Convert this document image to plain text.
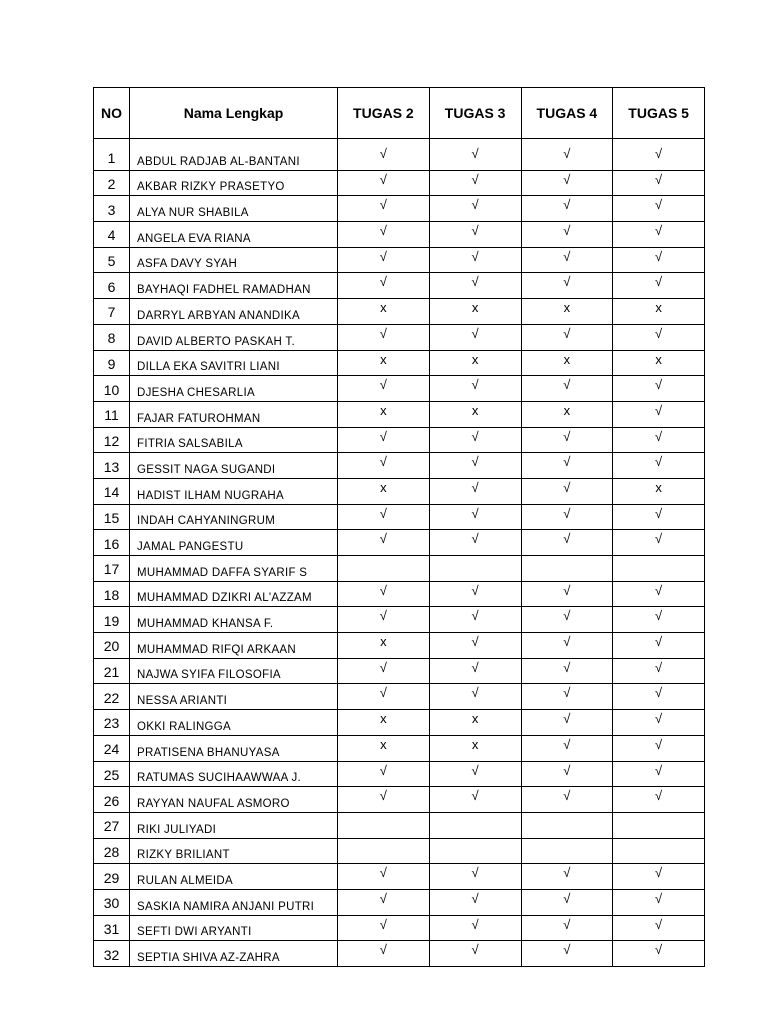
NO	Nama Lengkap	TUGAS 2	TUGAS 3	TUGAS 4	TUGAS 5

1	ABDUL RADJAB AL-BANTANI	√	√	√	√
2	AKBAR RIZKY PRASETYO	√	√	√	√
3	ALYA NUR SHABILA	√	√	√	√
4	ANGELA EVA RIANA	√	√	√	√
5	ASFA DAVY SYAH	√	√	√	√
6	BAYHAQI FADHEL RAMADHAN	√	√	√	√
7	DARRYL ARBYAN ANANDIKA	x	x	x	x
8	DAVID ALBERTO PASKAH T.	√	√	√	√
9	DILLA EKA SAVITRI LIANI	x	x	x	x
10	DJESHA CHESARLIA	√	√	√	√
11	FAJAR FATUROHMAN	x	x	x	√
12	FITRIA SALSABILA	√	√	√	√
13	GESSIT NAGA SUGANDI	√	√	√	√
14	HADIST ILHAM NUGRAHA	x	√	√	x
15	INDAH CAHYANINGRUM	√	√	√	√
16	JAMAL PANGESTU	√	√	√	√
17	MUHAMMAD DAFFA SYARIF S				
18	MUHAMMAD DZIKRI AL'AZZAM	√	√	√	√
19	MUHAMMAD KHANSA F.	√	√	√	√
20	MUHAMMAD RIFQI ARKAAN	x	√	√	√
21	NAJWA SYIFA FILOSOFIA	√	√	√	√
22	NESSA ARIANTI	√	√	√	√
23	OKKI RALINGGA	x	x	√	√
24	PRATISENA BHANUYASA	x	x	√	√
25	RATUMAS SUCIHAAWWAA J.	√	√	√	√
26	RAYYAN NAUFAL ASMORO	√	√	√	√
27	RIKI JULIYADI				
28	RIZKY BRILIANT				
29	RULAN ALMEIDA	√	√	√	√
30	SASKIA NAMIRA ANJANI PUTRI	√	√	√	√
31	SEFTI DWI ARYANTI	√	√	√	√
32	SEPTIA SHIVA AZ-ZAHRA	√	√	√	√
